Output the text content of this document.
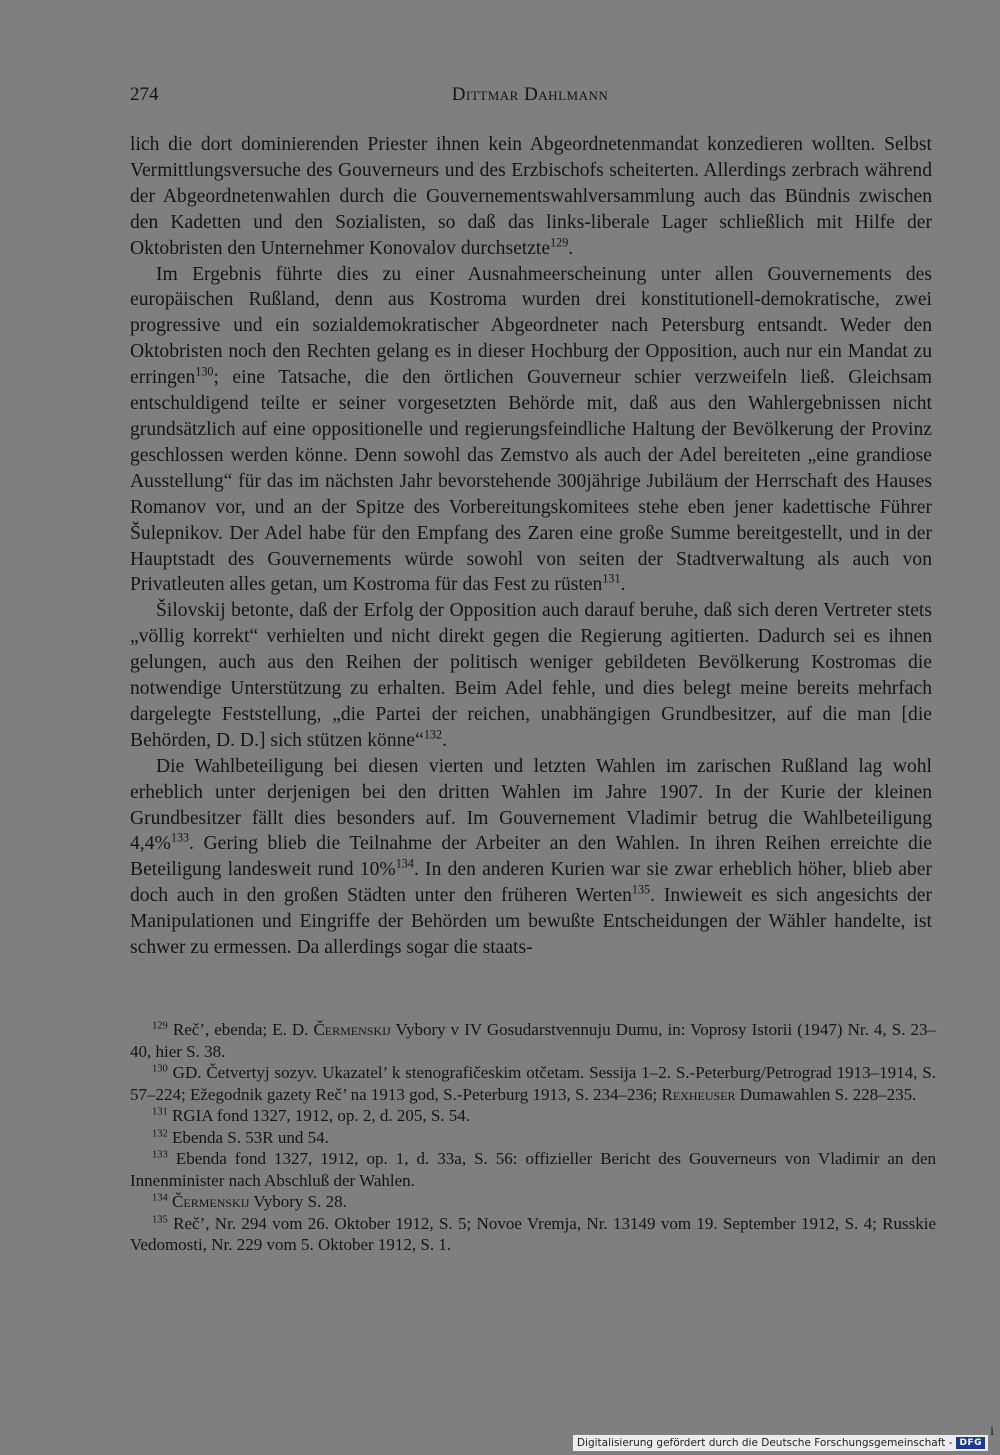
274	Dittmar Dahlmann

lich die dort dominierenden Priester ihnen kein Abgeordnetenmandat konzedieren wollten. Selbst Vermittlungsversuche des Gouverneurs und des Erzbischofs scheiterten. Allerdings zerbrach während der Abgeordnetenwahlen durch die Gouvernementswahlversammlung auch das Bündnis zwischen den Kadetten und den Sozialisten, so daß das links-liberale Lager schließlich mit Hilfe der Oktobristen den Unternehmer Konovalov durchsetzte$^{129}$.

Im Ergebnis führte dies zu einer Ausnahmeerscheinung unter allen Gouvernements des europäischen Rußland, denn aus Kostroma wurden drei konstitutionell-demokratische, zwei progressive und ein sozialdemokratischer Abgeordneter nach Petersburg entsandt. Weder den Oktobristen noch den Rechten gelang es in dieser Hochburg der Opposition, auch nur ein Mandat zu erringen$^{130}$; eine Tatsache, die den örtlichen Gouverneur schier verzweifeln ließ. Gleichsam entschuldigend teilte er seiner vorgesetzten Behörde mit, daß aus den Wahlergebnissen nicht grundsätzlich auf eine oppositionelle und regierungsfeindliche Haltung der Bevölkerung der Provinz geschlossen werden könne. Denn sowohl das Zemstvo als auch der Adel bereiteten „eine grandiose Ausstellung“ für das im nächsten Jahr bevorstehende 300jährige Jubiläum der Herrschaft des Hauses Romanov vor, und an der Spitze des Vorbereitungskomitees stehe eben jener kadettische Führer Šulepnikov. Der Adel habe für den Empfang des Zaren eine große Summe bereitgestellt, und in der Hauptstadt des Gouvernements würde sowohl von seiten der Stadtverwaltung als auch von Privatleuten alles getan, um Kostroma für das Fest zu rüsten$^{131}$.

Šilovskij betonte, daß der Erfolg der Opposition auch darauf beruhe, daß sich deren Vertreter stets „völlig korrekt“ verhielten und nicht direkt gegen die Regierung agitierten. Dadurch sei es ihnen gelungen, auch aus den Reihen der politisch weniger gebildeten Bevölkerung Kostromas die notwendige Unterstützung zu erhalten. Beim Adel fehle, und dies belegt meine bereits mehrfach dargelegte Feststellung, „die Partei der reichen, unabhängigen Grundbesitzer, auf die man [die Behörden, D. D.] sich stützen könne“$^{132}$.

Die Wahlbeteiligung bei diesen vierten und letzten Wahlen im zarischen Rußland lag wohl erheblich unter derjenigen bei den dritten Wahlen im Jahre 1907. In der Kurie der kleinen Grundbesitzer fällt dies besonders auf. Im Gouvernement Vladimir betrug die Wahlbeteiligung 4,4%$^{133}$. Gering blieb die Teilnahme der Arbeiter an den Wahlen. In ihren Reihen erreichte die Beteiligung landesweit rund 10%$^{134}$. In den anderen Kurien war sie zwar erheblich höher, blieb aber doch auch in den großen Städten unter den früheren Werten$^{135}$. Inwieweit es sich angesichts der Manipulationen und Eingriffe der Behörden um bewußte Entscheidungen der Wähler handelte, ist schwer zu ermessen. Da allerdings sogar die staats-

$^{129}$ Reč’, ebenda; E. D. Čermenskij Vybory v IV Gosudarstvennuju Dumu, in: Voprosy Istorii (1947) Nr. 4, S. 23–40, hier S. 38.

$^{130}$ GD. Četvertyj sozyv. Ukazatel’ k stenografičeskim otčetam. Sessija 1–2. S.-Peterburg/Petrograd 1913–1914, S. 57–224; Ežegodnik gazety Reč’ na 1913 god, S.-Peterburg 1913, S. 234–236; Rexheuser Dumawahlen S. 228–235.

$^{131}$ RGIA fond 1327, 1912, op. 2, d. 205, S. 54.

$^{132}$ Ebenda S. 53R und 54.

$^{133}$ Ebenda fond 1327, 1912, op. 1, d. 33a, S. 56: offizieller Bericht des Gouverneurs von Vladimir an den Innenminister nach Abschluß der Wahlen.

$^{134}$ Čermenskij Vybory S. 28.

$^{135}$ Reč’, Nr. 294 vom 26. Oktober 1912, S. 5; Novoe Vremja, Nr. 13149 vom 19. September 1912, S. 4; Russkie Vedomosti, Nr. 229 vom 5. Oktober 1912, S. 1.

i
Digitalisierung gefördert durch die Deutsche Forschungsgemeinschaft - DFG
